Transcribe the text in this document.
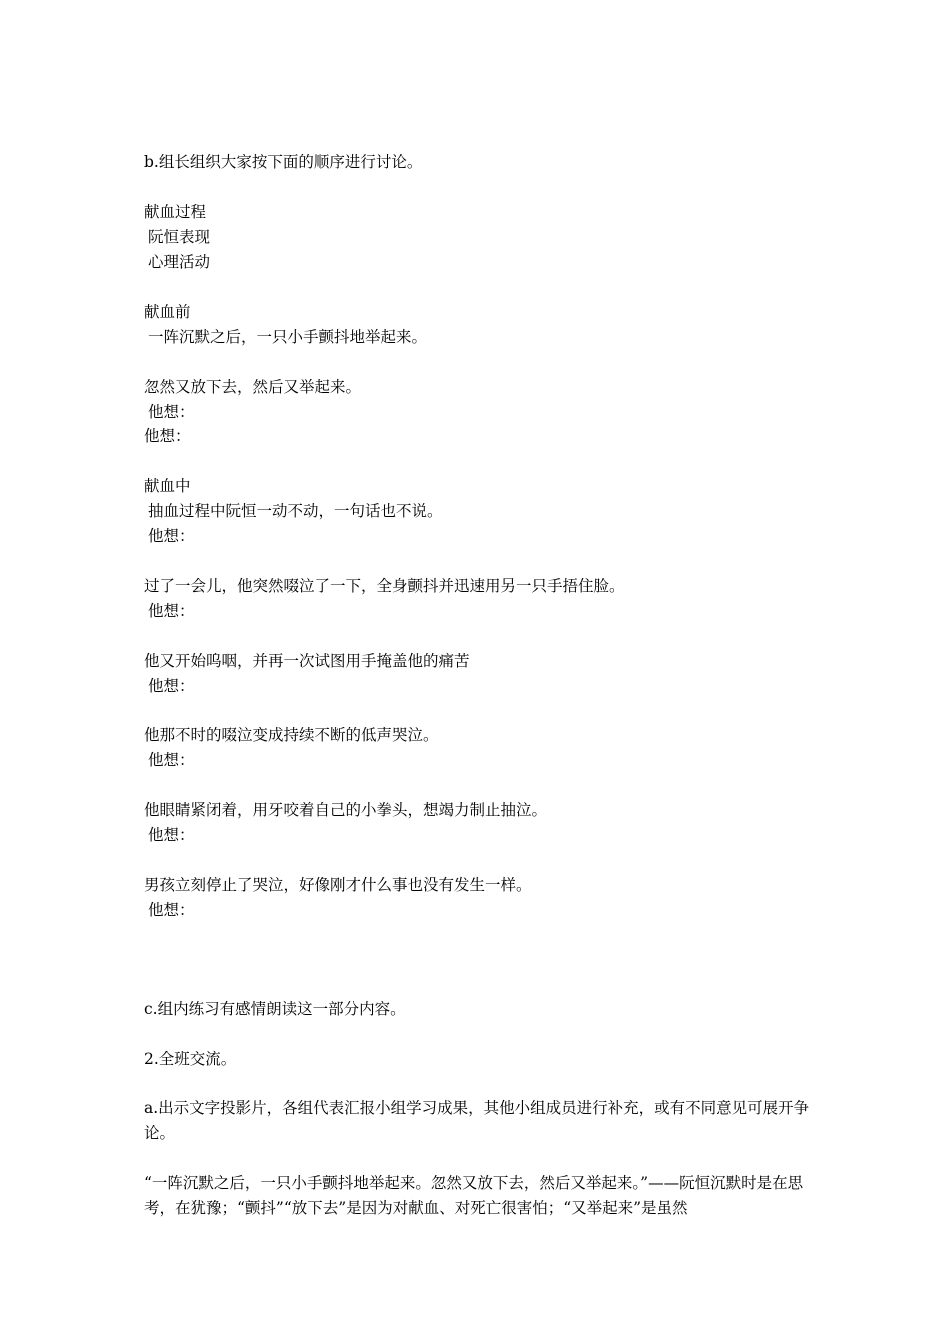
b.组长组织大家按下面的顺序进行讨论。
献血过程
阮恒表现
心理活动
献血前
一阵沉默之后，一只小手颤抖地举起来。
忽然又放下去，然后又举起来。
他想：
他想：
献血中
抽血过程中阮恒一动不动，一句话也不说。
他想：
过了一会儿，他突然啜泣了一下，全身颤抖并迅速用另一只手捂住脸。
他想：
他又开始呜咽，并再一次试图用手掩盖他的痛苦
他想：
他那不时的啜泣变成持续不断的低声哭泣。
他想：
他眼睛紧闭着，用牙咬着自己的小拳头，想竭力制止抽泣。
他想：
男孩立刻停止了哭泣，好像刚才什么事也没有发生一样。
他想：
c.组内练习有感情朗读这一部分内容。
2.全班交流。
a.出示文字投影片，各组代表汇报小组学习成果，其他小组成员进行补充，或有不同意见可展开争论。
“一阵沉默之后，一只小手颤抖地举起来。忽然又放下去，然后又举起来。”——阮恒沉默时是在思考，在犹豫；“颤抖”“放下去”是因为对献血、对死亡很害怕；“又举起来”是虽然
